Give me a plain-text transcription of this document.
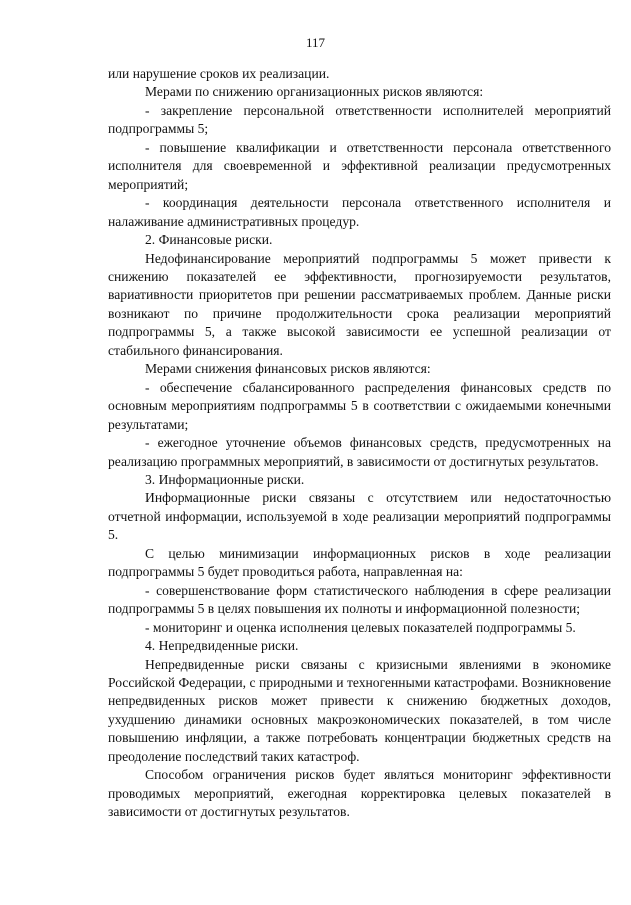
117

или нарушение сроков их реализации.

Мерами по снижению организационных рисков являются:

- закрепление персональной ответственности исполнителей мероприятий подпрограммы 5;

- повышение квалификации и ответственности персонала ответственного исполнителя для своевременной и эффективной реализации предусмотренных мероприятий;

- координация деятельности персонала ответственного исполнителя и налаживание административных процедур.

2. Финансовые риски.

Недофинансирование мероприятий подпрограммы 5 может привести к снижению показателей ее эффективности, прогнозируемости результатов, вариативности приоритетов при решении рассматриваемых проблем. Данные риски возникают по причине продолжительности срока реализации мероприятий подпрограммы 5, а также высокой зависимости ее успешной реализации от стабильного финансирования.

Мерами снижения финансовых рисков являются:

- обеспечение сбалансированного распределения финансовых средств по основным мероприятиям подпрограммы 5 в соответствии с ожидаемыми конечными результатами;

- ежегодное уточнение объемов финансовых средств, предусмотренных на реализацию программных мероприятий, в зависимости от достигнутых результатов.

3. Информационные риски.

Информационные риски связаны с отсутствием или недостаточностью отчетной информации, используемой в ходе реализации мероприятий подпрограммы 5.

С целью минимизации информационных рисков в ходе реализации подпрограммы 5 будет проводиться работа, направленная на:

- совершенствование форм статистического наблюдения в сфере реализации подпрограммы 5 в целях повышения их полноты и информационной полезности;

- мониторинг и оценка исполнения целевых показателей подпрограммы 5.

4. Непредвиденные риски.

Непредвиденные риски связаны с кризисными явлениями в экономике Российской Федерации, с природными и техногенными катастрофами. Возникновение непредвиденных рисков может привести к снижению бюджетных доходов, ухудшению динамики основных макроэкономических показателей, в том числе повышению инфляции, а также потребовать концентрации бюджетных средств на преодоление последствий таких катастроф.

Способом ограничения рисков будет являться мониторинг эффективности проводимых мероприятий, ежегодная корректировка целевых показателей в зависимости от достигнутых результатов.
